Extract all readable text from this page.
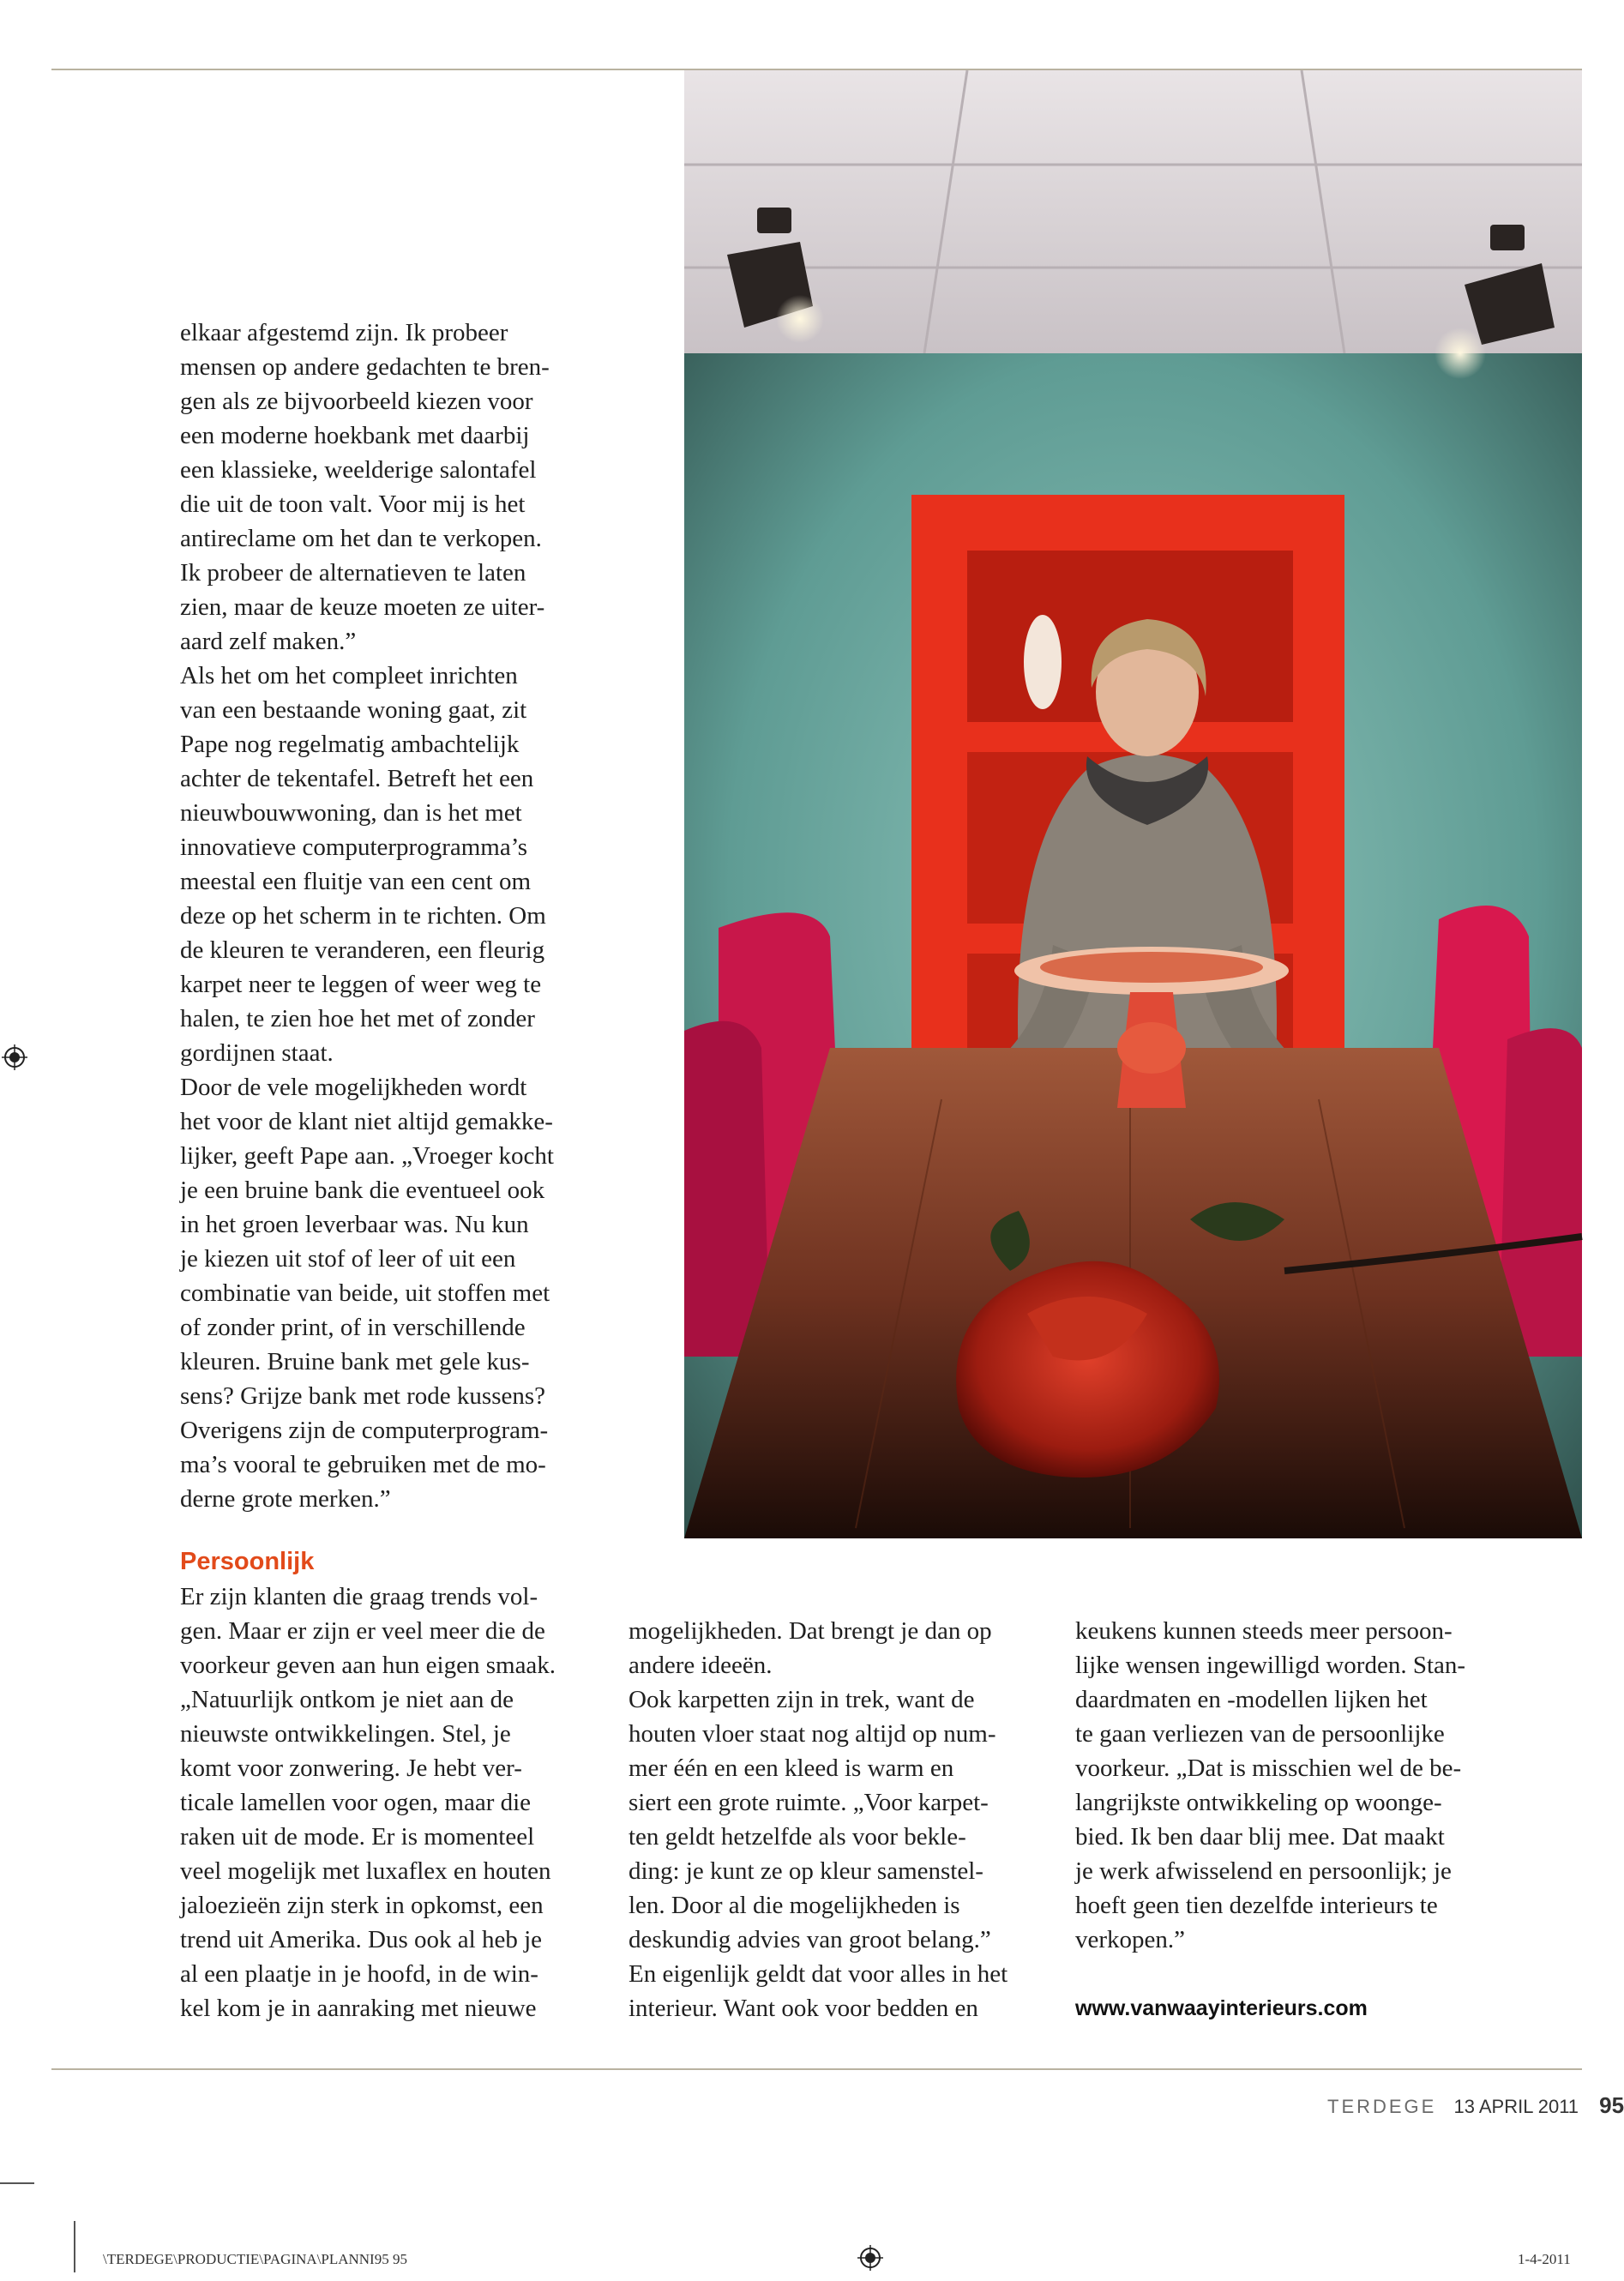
elkaar afgestemd zijn. Ik probeer
mensen op andere gedachten te bren-
gen als ze bijvoorbeeld kiezen voor
een moderne hoekbank met daarbij
een klassieke, weelderige salontafel
die uit de toon valt. Voor mij is het
antireclame om het dan te verkopen.
Ik probeer de alternatieven te laten
zien, maar de keuze moeten ze uiter-
aard zelf maken.”
Als het om het compleet inrichten
van een bestaande woning gaat, zit
Pape nog regelmatig ambachtelijk
achter de tekentafel. Betreft het een
nieuwbouwwoning, dan is het met
innovatieve computerprogramma’s
meestal een fluitje van een cent om
deze op het scherm in te richten. Om
de kleuren te veranderen, een fleurig
karpet neer te leggen of weer weg te
halen, te zien hoe het met of zonder
gordijnen staat.
Door de vele mogelijkheden wordt
het voor de klant niet altijd gemakke-
lijker, geeft Pape aan. „Vroeger kocht
je een bruine bank die eventueel ook
in het groen leverbaar was. Nu kun
je kiezen uit stof of leer of uit een
combinatie van beide, uit stoffen met
of zonder print, of in verschillende
kleuren. Bruine bank met gele kus-
sens? Grijze bank met rode kussens?
Overigens zijn de computerprogram-
ma’s vooral te gebruiken met de mo-
derne grote merken.”

Persoonlijk

Er zijn klanten die graag trends vol-
gen. Maar er zijn er veel meer die de
voorkeur geven aan hun eigen smaak.
„Natuurlijk ontkom je niet aan de
nieuwste ontwikkelingen. Stel, je
komt voor zonwering. Je hebt ver-
ticale lamellen voor ogen, maar die
raken uit de mode. Er is momenteel
veel mogelijk met luxaflex en houten
jaloezieën zijn sterk in opkomst, een
trend uit Amerika. Dus ook al heb je
al een plaatje in je hoofd, in de win-
kel kom je in aanraking met nieuwe

mogelijkheden. Dat brengt je dan op
andere ideeën.
Ook karpetten zijn in trek, want de
houten vloer staat nog altijd op num-
mer één en een kleed is warm en
siert een grote ruimte. „Voor karpet-
ten geldt hetzelfde als voor bekle-
ding: je kunt ze op kleur samenstel-
len. Door al die mogelijkheden is
deskundig advies van groot belang.”
En eigenlijk geldt dat voor alles in het
interieur. Want ook voor bedden en

keukens kunnen steeds meer persoon-
lijke wensen ingewilligd worden. Stan-
daardmaten en -modellen lijken het
te gaan verliezen van de persoonlijke
voorkeur. „Dat is misschien wel de be-
langrijkste ontwikkeling op woonge-
bied. Ik ben daar blij mee. Dat maakt
je werk afwisselend en persoonlijk; je
hoeft geen tien dezelfde interieurs te
verkopen.”

www.vanwaayinterieurs.com
TERDEGE 13 APRIL 2011 95
\TERDEGE\PRODUCTIE\PAGINA\PLANNI95 95	1-4-2011
